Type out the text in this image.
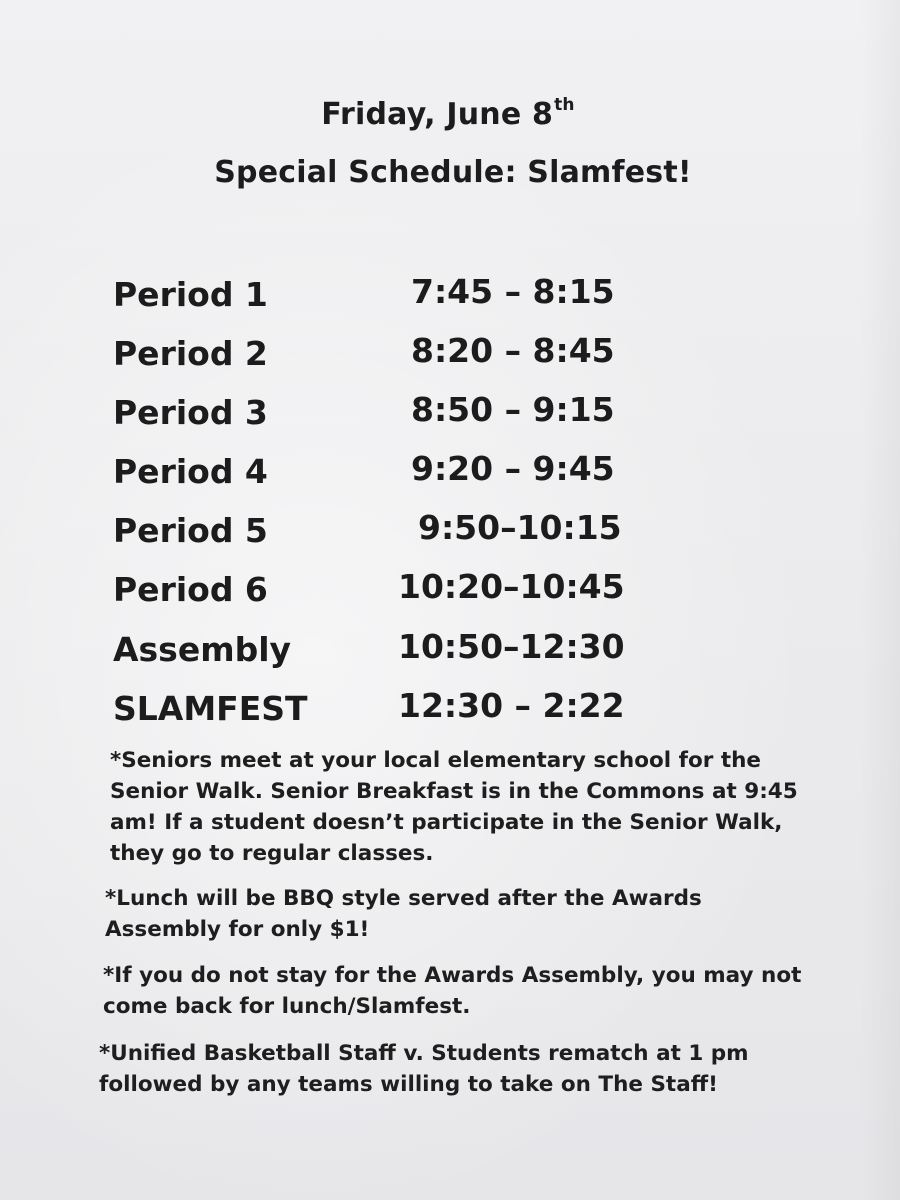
Friday, June 8th
Special Schedule: Slamfest!
Period 1	7:45 – 8:15
Period 2	8:20 – 8:45
Period 3	8:50 – 9:15
Period 4	9:20 – 9:45
Period 5	9:50–10:15
Period 6	10:20–10:45
Assembly	10:50–12:30
SLAMFEST	12:30 – 2:22
*Seniors meet at your local elementary school for the
Senior Walk. Senior Breakfast is in the Commons at 9:45
am! If a student doesn’t participate in the Senior Walk,
they go to regular classes.
*Lunch will be BBQ style served after the Awards
Assembly for only $1!
*If you do not stay for the Awards Assembly, you may not
come back for lunch/Slamfest.
*Unified Basketball Staff v. Students rematch at 1 pm
followed by any teams willing to take on The Staff!
